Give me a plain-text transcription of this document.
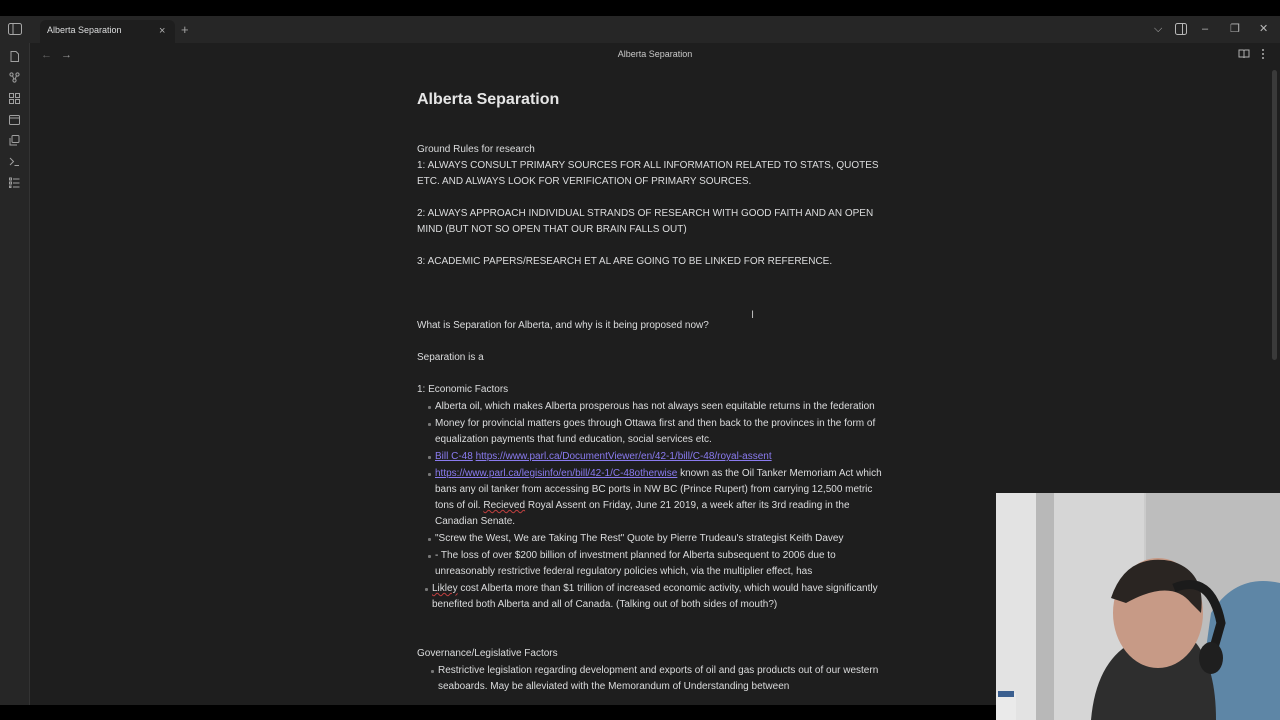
Alberta Separation	× +	⌵	– ❐ ✕
← →	Alberta Separation
Alberta Separation
Ground Rules for research
1: ALWAYS CONSULT PRIMARY SOURCES FOR ALL INFORMATION RELATED TO STATS, QUOTES ETC. AND ALWAYS LOOK FOR VERIFICATION OF PRIMARY SOURCES.
2: ALWAYS APPROACH INDIVIDUAL STRANDS OF RESEARCH WITH GOOD FAITH AND AN OPEN MIND (BUT NOT SO OPEN THAT OUR BRAIN FALLS OUT)
3: ACADEMIC PAPERS/RESEARCH ET AL ARE GOING TO BE LINKED FOR REFERENCE.
What is Separation for Alberta, and why is it being proposed now?
Separation is a
1: Economic Factors
Alberta oil, which makes Alberta prosperous has not always seen equitable returns in the federation
Money for provincial matters goes through Ottawa first and then back to the provinces in the form of equalization payments that fund education, social services etc.
Bill C-48 https://www.parl.ca/DocumentViewer/en/42-1/bill/C-48/royal-assent
https://www.parl.ca/legisinfo/en/bill/42-1/C-48otherwise known as the Oil Tanker Memoriam Act which bans any oil tanker from accessing BC ports in NW BC (Prince Rupert) from carrying 12,500 metric tons of oil. Recieved Royal Assent on Friday, June 21 2019, a week after its 3rd reading in the Canadian Senate.
"Screw the West, We are Taking The Rest" Quote by Pierre Trudeau's strategist Keith Davey
- The loss of over $200 billion of investment planned for Alberta subsequent to 2006 due to unreasonably restrictive federal regulatory policies which, via the multiplier effect, has
Likley cost Alberta more than $1 trillion of increased economic activity, which would have significantly benefited both Alberta and all of Canada. (Talking out of both sides of mouth?)
Governance/Legislative Factors
Restrictive legislation regarding development and exports of oil and gas products out of our western seaboards. May be alleviated with the Memorandum of Understanding between
Ι
